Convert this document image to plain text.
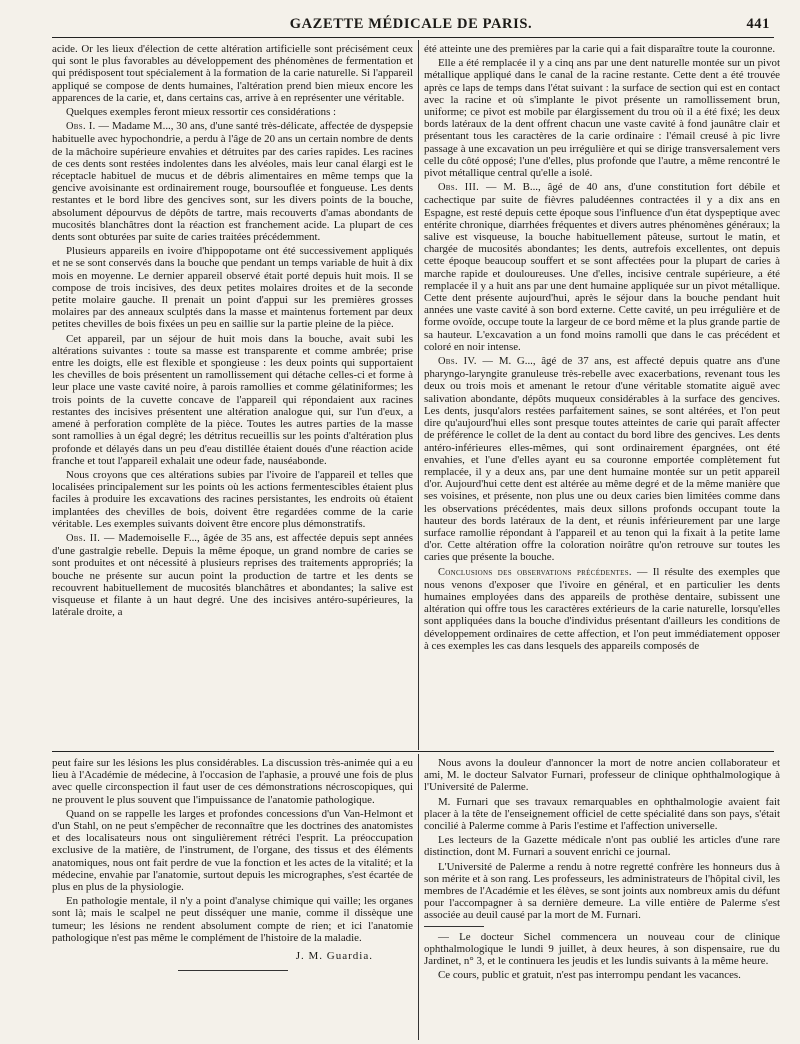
GAZETTE MÉDICALE DE PARIS.	441

acide. Or les lieux d'élection de cette altération artificielle sont précisément ceux qui sont le plus favorables au développement des phénomènes de fermentation et qui prédisposent tout spécialement à la formation de la carie naturelle. Si l'appareil appliqué se compose de dents humaines, l'altération prend bien mieux encore les apparences de la carie, et, dans certains cas, arrive à en représenter une véritable.

Quelques exemples feront mieux ressortir ces considérations :

Obs. I. — Madame M..., 30 ans, d'une santé très-délicate, affectée de dyspepsie habituelle avec hypochondrie, a perdu à l'âge de 20 ans un certain nombre de dents de la mâchoire supérieure envahies et détruites par des caries rapides. Les racines de ces dents sont restées indolentes dans les alvéoles, mais leur canal élargi est le réceptacle habituel de mucus et de débris alimentaires en même temps que la gencive avoisinante est ordinairement rouge, boursouflée et fongueuse. Les dents restantes et le bord libre des gencives sont, sur les divers points de la bouche, absolument dépourvus de dépôts de tartre, mais recouverts d'amas abondants de mucosités blanchâtres dont la réaction est franchement acide. La plupart de ces dents sont obturées par suite de caries traitées précédemment.

Plusieurs appareils en ivoire d'hippopotame ont été successivement appliqués et ne se sont conservés dans la bouche que pendant un temps variable de huit à dix mois en moyenne. Le dernier appareil observé était porté depuis huit mois. Il se compose de trois incisives, des deux petites molaires droites et de la seconde petite molaire gauche. Il prenait un point d'appui sur les premières grosses molaires par des anneaux sculptés dans la masse et maintenus fortement par deux petites chevilles de bois fixées un peu en saillie sur la partie pleine de la pièce.

Cet appareil, par un séjour de huit mois dans la bouche, avait subi les altérations suivantes : toute sa masse est transparente et comme ambrée; prise entre les doigts, elle est flexible et spongieuse : les deux points qui supportaient les chevilles de bois présentent un ramollissement qui détache celles-ci et forme à leur place une vaste cavité noire, à parois ramollies et comme gélatiniformes; les trois points de la cuvette concave de l'appareil qui répondaient aux racines restantes des incisives présentent une altération analogue qui, sur l'un d'eux, a amené à perforation complète de la pièce. Toutes les autres parties de la masse sont ramollies à un égal degré; les détritus recueillis sur les points d'altération plus profonde et délayés dans un peu d'eau distillée étaient doués d'une réaction acide franche et tout l'appareil exhalait une odeur fade, nauséabonde.

Nous croyons que ces altérations subies par l'ivoire de l'appareil et telles que localisées principalement sur les points où les actions fermentescibles étaient plus faciles à produire les excavations des racines persistantes, les endroits où étaient implantées des chevilles de bois, doivent être regardées comme de la carie véritable. Les exemples suivants doivent être encore plus démonstratifs.

Obs. II. — Mademoiselle F..., âgée de 35 ans, est affectée depuis sept années d'une gastralgie rebelle. Depuis la même époque, un grand nombre de caries se sont produites et ont nécessité à plusieurs reprises des traitements appropriés; la bouche ne présente sur aucun point la production de tartre et les dents se recouvrent habituellement de mucosités blanchâtres et abondantes; la salive est visqueuse et filante à un haut degré. Une des incisives antéro-supérieures, la latérale droite, a

été atteinte une des premières par la carie qui a fait disparaître toute la couronne.

Elle a été remplacée il y a cinq ans par une dent naturelle montée sur un pivot métallique appliqué dans le canal de la racine restante. Cette dent a été trouvée après ce laps de temps dans l'état suivant : la surface de section qui est en contact avec la racine et où s'implante le pivot présente un ramollissement brun, uniforme; ce pivot est mobile par élargissement du trou où il a été fixé; les deux bords latéraux de la dent offrent chacun une vaste cavité à fond jaunâtre clair et présentant tous les caractères de la carie ordinaire : l'émail creusé à pic livre passage à une excavation un peu irrégulière et qui se dirige transversalement vers celle du côté opposé; l'une d'elles, plus profonde que l'autre, a même rencontré le pivot métallique central qu'elle a isolé.

Obs. III. — M. B..., âgé de 40 ans, d'une constitution fort débile et cachectique par suite de fièvres paludéennes contractées il y a dix ans en Espagne, est resté depuis cette époque sous l'influence d'un état dyspeptique avec entérite chronique, diarrhées fréquentes et divers autres phénomènes généraux; la salive est visqueuse, la bouche habituellement pâteuse, surtout le matin, et chargée de mucosités abondantes; les dents, autrefois excellentes, ont depuis cette époque beaucoup souffert et se sont affectées pour la plupart de caries à marche rapide et douloureuses. Une d'elles, incisive centrale supérieure, a été remplacée il y a huit ans par une dent humaine appliquée sur un pivot métallique. Cette dent présente aujourd'hui, après le séjour dans la bouche pendant huit années une vaste cavité à son bord externe. Cette cavité, un peu irrégulière et de forme ovoïde, occupe toute la largeur de ce bord même et la plus grande partie de sa hauteur. L'excavation a un fond moins ramolli que dans le cas précédent et coloré en noir intense.

Obs. IV. — M. G..., âgé de 37 ans, est affecté depuis quatre ans d'une pharyngo-laryngite granuleuse très-rebelle avec exacerbations, revenant tous les deux ou trois mois et amenant le retour d'une véritable stomatite aiguë avec salivation abondante, dépôts muqueux considérables à la surface des gencives. Les dents, jusqu'alors restées parfaitement saines, se sont altérées, et l'on peut dire qu'aujourd'hui elles sont presque toutes atteintes de carie qui paraît affecter de préférence le collet de la dent au contact du bord libre des gencives. Les dents antéro-inférieures elles-mêmes, qui sont ordinairement épargnées, ont été envahies, et l'une d'elles ayant eu sa couronne emportée complètement fut remplacée, il y a deux ans, par une dent humaine montée sur un petit appareil d'or. Aujourd'hui cette dent est altérée au même degré et de la même manière que ses voisines, et présente, non plus une ou deux caries bien limitées comme dans les observations précédentes, mais deux sillons profonds occupant toute la hauteur des bords latéraux de la dent, et réunis inférieurement par une large surface ramollie répondant à l'appareil et au tenon qui la fixait à la petite lame d'or. Cette altération offre la coloration noirâtre qu'on retrouve sur toutes les caries que présente la bouche.

Conclusions des observations précédentes. — Il résulte des exemples que nous venons d'exposer que l'ivoire en général, et en particulier les dents humaines employées dans des appareils de prothèse dentaire, subissent une altération qui offre tous les caractères extérieurs de la carie naturelle, lorsqu'elles sont appliquées dans la bouche d'individus présentant d'ailleurs les conditions de développement ordinaires de cette affection, et l'on peut immédiatement opposer à ces exemples les cas dans lesquels des appareils composés de

peut faire sur les lésions les plus considérables. La discussion très-animée qui a eu lieu à l'Académie de médecine, à l'occasion de l'aphasie, a prouvé une fois de plus avec quelle circonspection il faut user de ces démonstrations nécroscopiques, qui ne prouvent le plus souvent que l'impuissance de l'anatomie pathologique.

Quand on se rappelle les larges et profondes concessions d'un Van-Helmont et d'un Stahl, on ne peut s'empêcher de reconnaître que les doctrines des anatomistes et des localisateurs nous ont singulièrement rétréci l'esprit. La préoccupation exclusive de la matière, de l'instrument, de l'organe, des tissus et des éléments anatomiques, nous ont fait perdre de vue la fonction et les actes de la vitalité; et la médecine, envahie par l'anatomie, surtout depuis les micrographes, s'est écartée de plus en plus de la physiologie.

En pathologie mentale, il n'y a point d'analyse chimique qui vaille; les organes sont là; mais le scalpel ne peut disséquer une manie, comme il dissèque une tumeur; les lésions ne rendent absolument compte de rien; et ici l'anatomie pathologique n'est pas même le complément de l'histoire de la maladie.

J. M. Guardia.

Nous avons la douleur d'annoncer la mort de notre ancien collaborateur et ami, M. le docteur Salvator Furnari, professeur de clinique ophthalmologique à l'Université de Palerme.

M. Furnari que ses travaux remarquables en ophthalmologie avaient fait placer à la tête de l'enseignement officiel de cette spécialité dans son pays, s'était concilié à Palerme comme à Paris l'estime et l'affection universelle.

Les lecteurs de la Gazette médicale n'ont pas oublié les articles d'une rare distinction, dont M. Furnari a souvent enrichi ce journal.

L'Université de Palerme a rendu à notre regretté confrère les honneurs dus à son mérite et à son rang. Les professeurs, les administrateurs de l'hôpital civil, les membres de l'Académie et les élèves, se sont joints aux nombreux amis du défunt pour l'accompagner à sa dernière demeure. La ville entière de Palerme s'est associée au deuil causé par la mort de M. Furnari.

— Le docteur Sichel commencera un nouveau cour de clinique ophthalmologique le lundi 9 juillet, à deux heures, à son dispensaire, rue du Jardinet, n° 3, et le continuera les jeudis et les lundis suivants à la même heure.

Ce cours, public et gratuit, n'est pas interrompu pendant les vacances.
